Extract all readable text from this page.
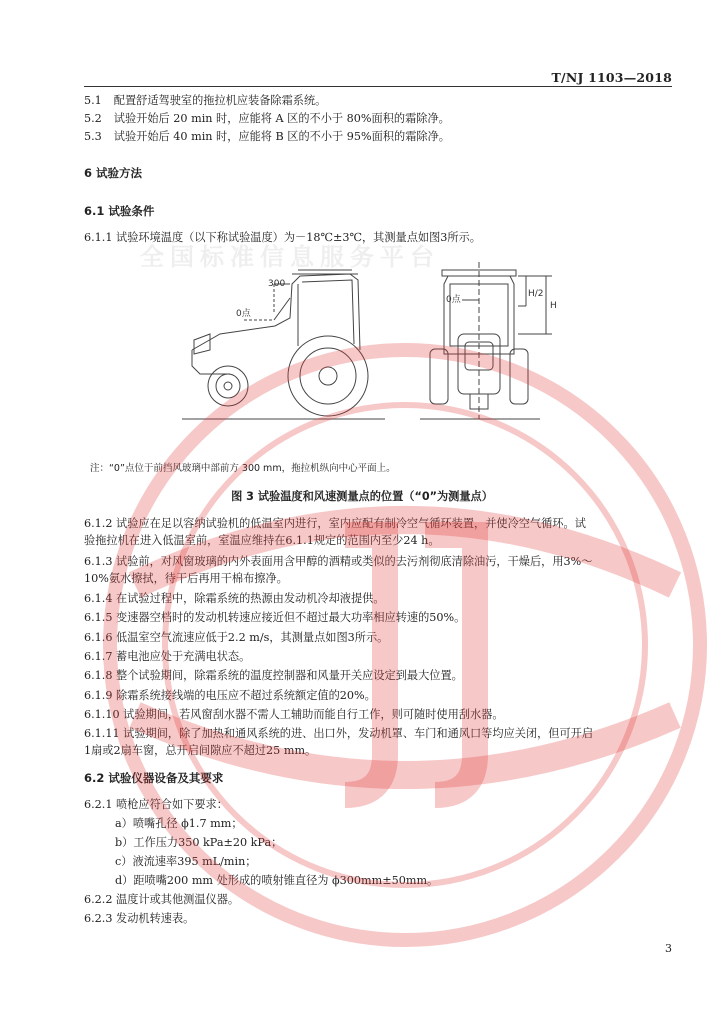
T/NJ 1103—2018
5.1 配置舒适驾驶室的拖拉机应装备除霜系统。
5.2 试验开始后 20 min 时，应能将 A 区的不小于 80%面积的霜除净。
5.3 试验开始后 40 min 时，应能将 B 区的不小于 95%面积的霜除净。
6 试验方法
6.1 试验条件
6.1.1 试验环境温度（以下称试验温度）为－18℃±3℃，其测量点如图3所示。
全国标准信息服务平台
300
0点
0点
H/2
H
注：“0”点位于前挡风玻璃中部前方 300 mm，拖拉机纵向中心平面上。
图 3 试验温度和风速测量点的位置（“0”为测量点）
6.1.2 试验应在足以容纳试验机的低温室内进行，室内应配有制冷空气循环装置，并使冷空气循环。试
验拖拉机在进入低温室前，室温应维持在6.1.1规定的范围内至少24 h。
6.1.3 试验前，对风窗玻璃的内外表面用含甲醇的酒精或类似的去污剂彻底清除油污，干燥后，用3%～
10%氨水擦拭，待干后再用干棉布擦净。
6.1.4 在试验过程中，除霜系统的热源由发动机冷却液提供。
6.1.5 变速器空档时的发动机转速应接近但不超过最大功率相应转速的50%。
6.1.6 低温室空气流速应低于2.2 m/s，其测量点如图3所示。
6.1.7 蓄电池应处于充满电状态。
6.1.8 整个试验期间，除霜系统的温度控制器和风量开关应设定到最大位置。
6.1.9 除霜系统接线端的电压应不超过系统额定值的20%。
6.1.10 试验期间，若风窗刮水器不需人工辅助而能自行工作，则可随时使用刮水器。
6.1.11 试验期间，除了加热和通风系统的进、出口外，发动机罩、车门和通风口等均应关闭，但可开启
1扇或2扇车窗，总开启间隙应不超过25 mm。
6.2 试验仪器设备及其要求
6.2.1 喷枪应符合如下要求：
a）喷嘴孔径 ϕ1.7 mm；
b）工作压力350 kPa±20 kPa；
c）液流速率395 mL/min；
d）距喷嘴200 mm 处形成的喷射锥直径为 ϕ300mm±50mm。
6.2.2 温度计或其他测温仪器。
6.2.3 发动机转速表。
3
